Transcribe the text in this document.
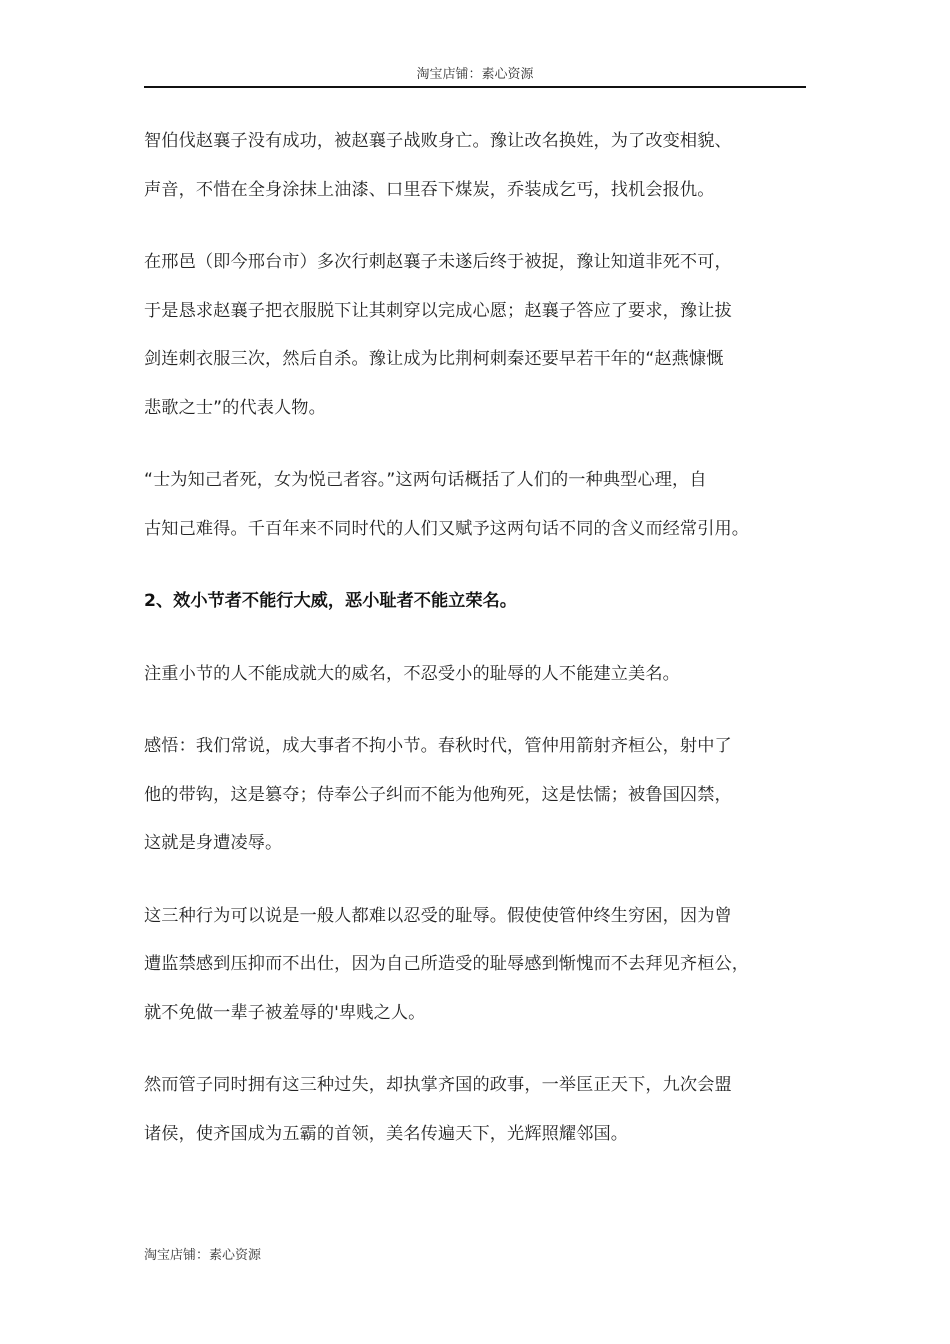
淘宝店铺：素心资源

智伯伐赵襄子没有成功，被赵襄子战败身亡。豫让改名换姓，为了改变相貌、
声音，不惜在全身涂抹上油漆、口里吞下煤炭，乔装成乞丐，找机会报仇。

在邢邑（即今邢台市）多次行刺赵襄子未遂后终于被捉，豫让知道非死不可，
于是恳求赵襄子把衣服脱下让其刺穿以完成心愿；赵襄子答应了要求，豫让拔
剑连刺衣服三次，然后自杀。豫让成为比荆柯刺秦还要早若干年的“赵燕慷慨
悲歌之士”的代表人物。

“士为知己者死，女为悦己者容。”这两句话概括了人们的一种典型心理，自
古知己难得。千百年来不同时代的人们又赋予这两句话不同的含义而经常引用。

2、效小节者不能行大威，恶小耻者不能立荣名。

注重小节的人不能成就大的威名，不忍受小的耻辱的人不能建立美名。

感悟：我们常说，成大事者不拘小节。春秋时代，管仲用箭射齐桓公，射中了
他的带钩，这是篡夺；侍奉公子纠而不能为他殉死，这是怯懦；被鲁国囚禁，
这就是身遭凌辱。

这三种行为可以说是一般人都难以忍受的耻辱。假使使管仲终生穷困，因为曾
遭监禁感到压抑而不出仕，因为自己所造受的耻辱感到惭愧而不去拜见齐桓公，
就不免做一辈子被羞辱的'卑贱之人。

然而管子同时拥有这三种过失，却执掌齐国的政事，一举匡正天下，九次会盟
诸侯，使齐国成为五霸的首领，美名传遍天下，光辉照耀邻国。

淘宝店铺：素心资源
